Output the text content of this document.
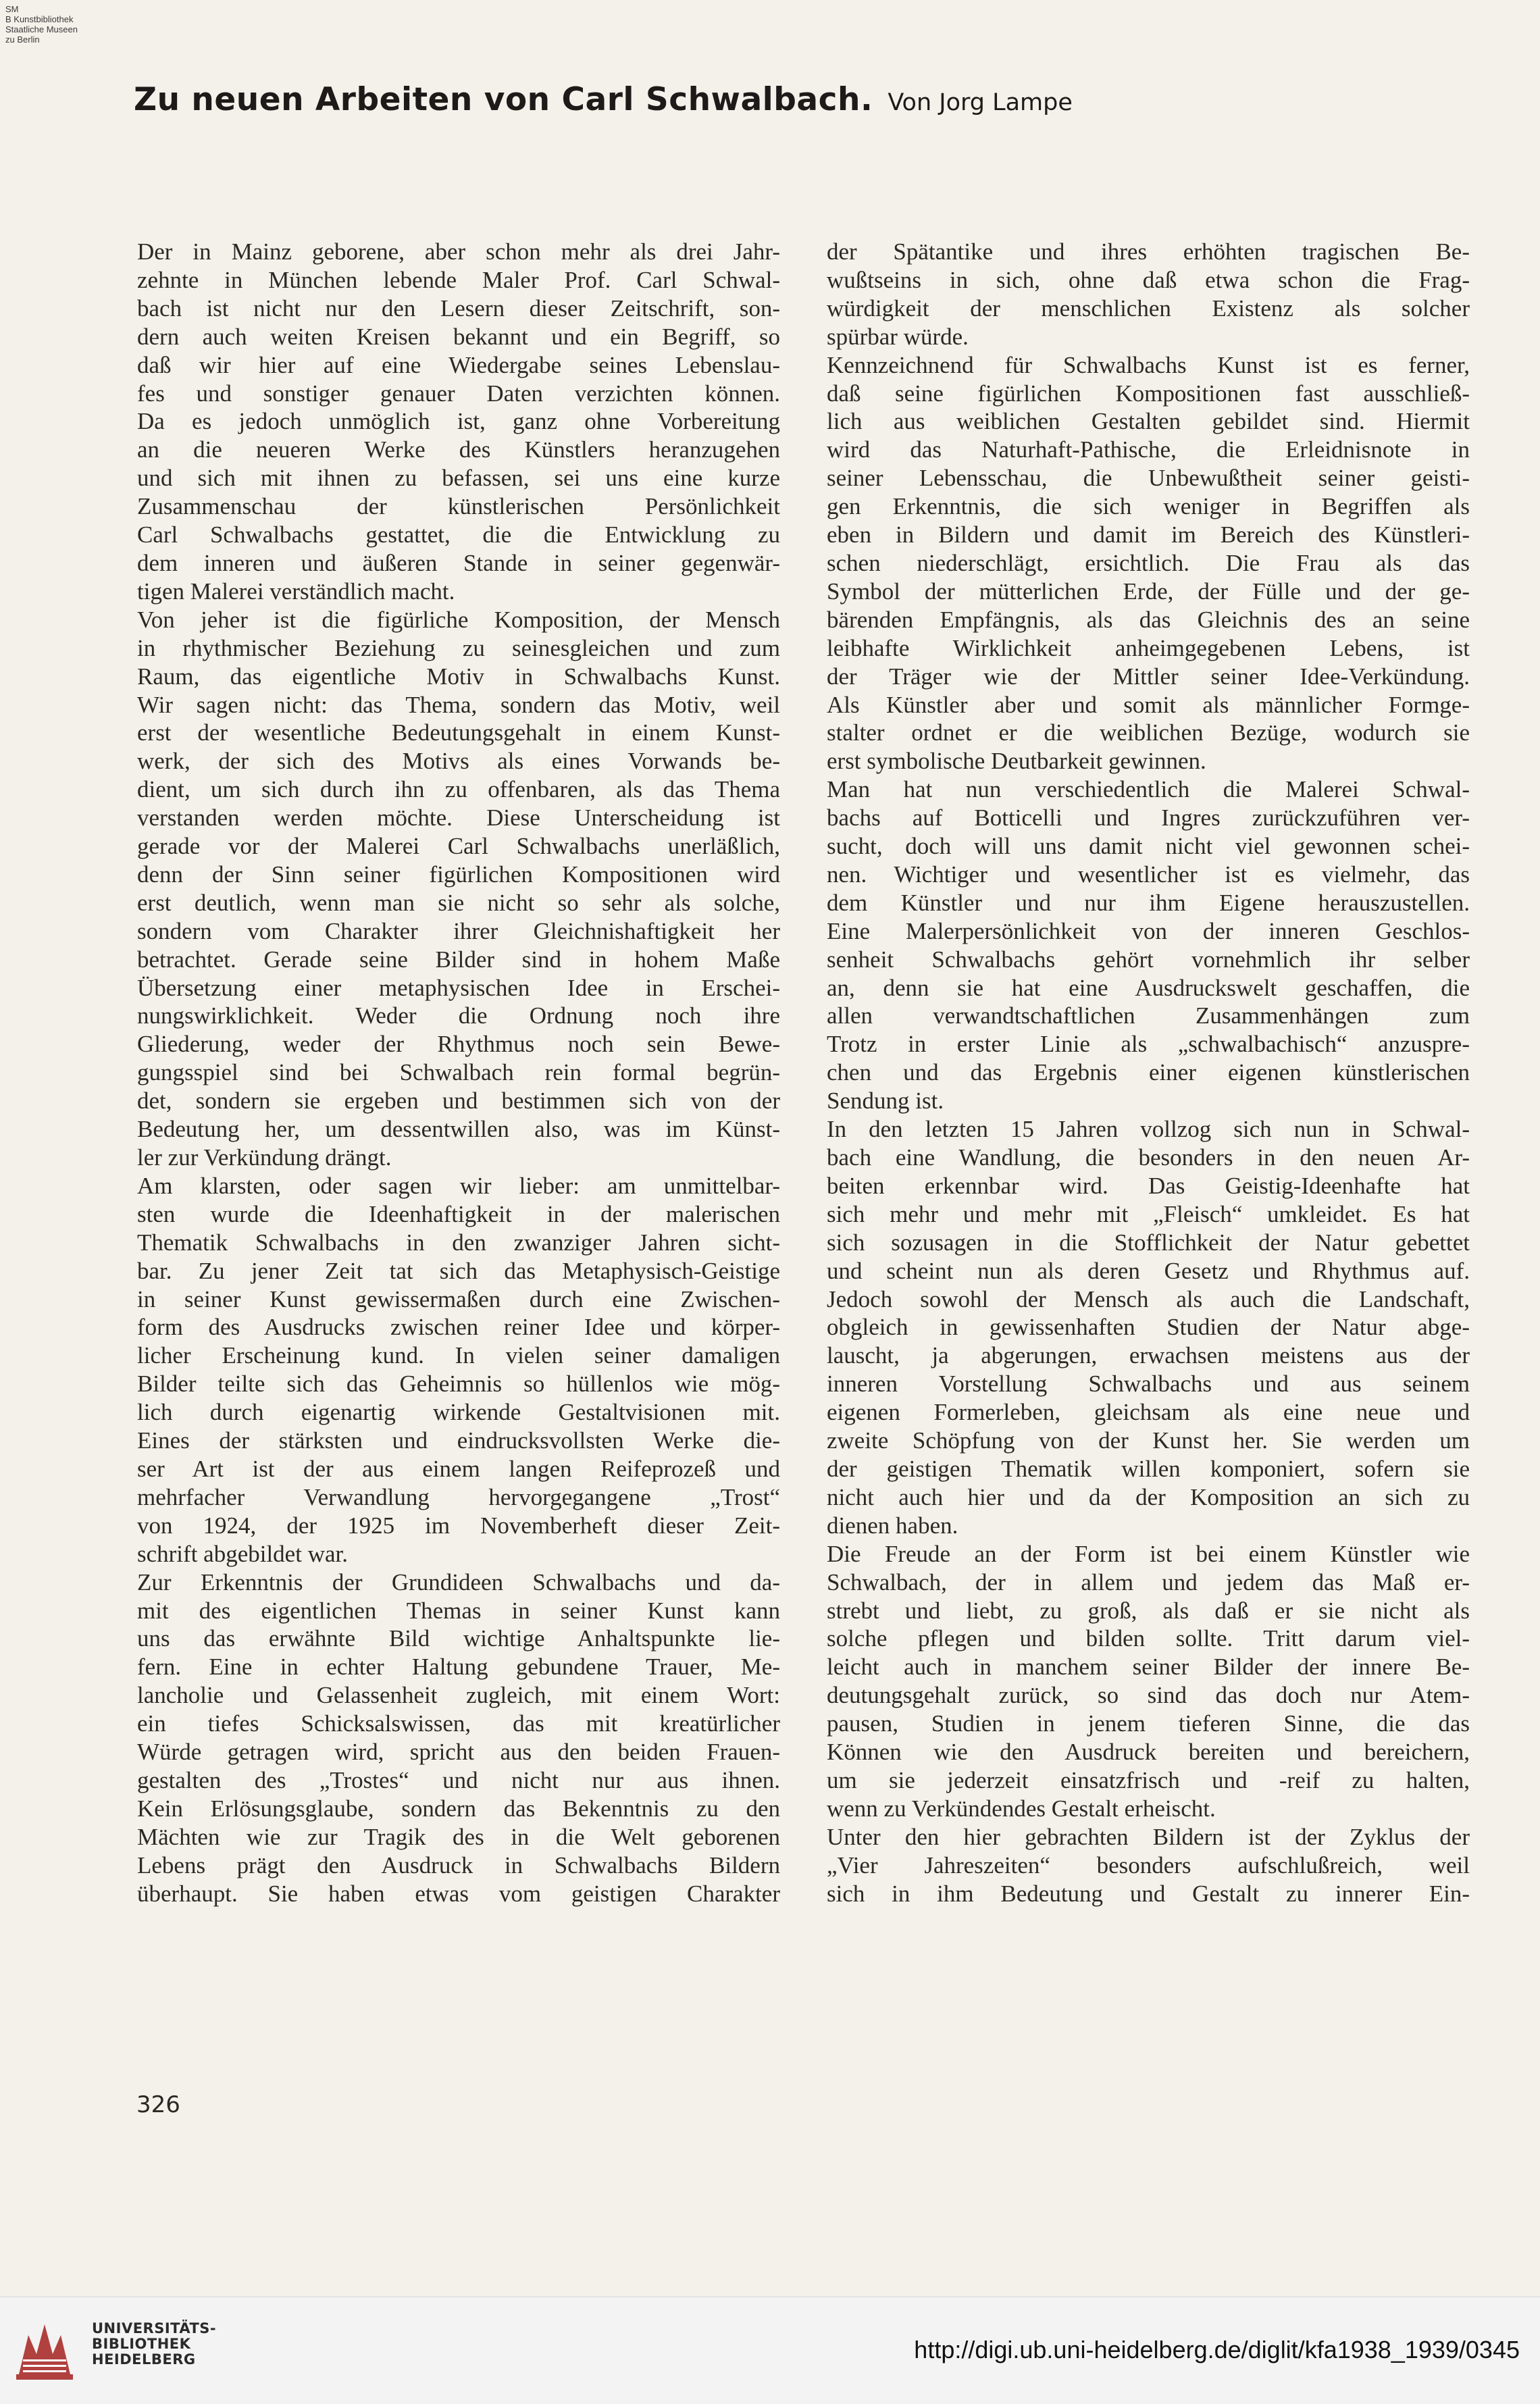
SM
B Kunstbibliothek
Staatliche Museen
zu Berlin
Zu neuen Arbeiten von Carl Schwalbach. Von Jorg Lampe

Der in Mainz geborene, aber schon mehr als drei Jahr-

zehnte in München lebende Maler Prof. Carl Schwal-

bach ist nicht nur den Lesern dieser Zeitschrift, son-

dern auch weiten Kreisen bekannt und ein Begriff, so

daß wir hier auf eine Wiedergabe seines Lebenslau-

fes und sonstiger genauer Daten verzichten können.

Da es jedoch unmöglich ist, ganz ohne Vorbereitung

an die neueren Werke des Künstlers heranzugehen

und sich mit ihnen zu befassen, sei uns eine kurze

Zusammenschau der künstlerischen Persönlichkeit

Carl Schwalbachs gestattet, die die Entwicklung zu

dem inneren und äußeren Stande in seiner gegenwär-

tigen Malerei verständlich macht.

Von jeher ist die figürliche Komposition, der Mensch

in rhythmischer Beziehung zu seinesgleichen und zum

Raum, das eigentliche Motiv in Schwalbachs Kunst.

Wir sagen nicht: das Thema, sondern das Motiv, weil

erst der wesentliche Bedeutungsgehalt in einem Kunst-

werk, der sich des Motivs als eines Vorwands be-

dient, um sich durch ihn zu offenbaren, als das Thema

verstanden werden möchte. Diese Unterscheidung ist

gerade vor der Malerei Carl Schwalbachs unerläßlich,

denn der Sinn seiner figürlichen Kompositionen wird

erst deutlich, wenn man sie nicht so sehr als solche,

sondern vom Charakter ihrer Gleichnishaftigkeit her

betrachtet. Gerade seine Bilder sind in hohem Maße

Übersetzung einer metaphysischen Idee in Erschei-

nungswirklichkeit. Weder die Ordnung noch ihre

Gliederung, weder der Rhythmus noch sein Bewe-

gungsspiel sind bei Schwalbach rein formal begrün-

det, sondern sie ergeben und bestimmen sich von der

Bedeutung her, um dessentwillen also, was im Künst-

ler zur Verkündung drängt.

Am klarsten, oder sagen wir lieber: am unmittelbar-

sten wurde die Ideenhaftigkeit in der malerischen

Thematik Schwalbachs in den zwanziger Jahren sicht-

bar. Zu jener Zeit tat sich das Metaphysisch-Geistige

in seiner Kunst gewissermaßen durch eine Zwischen-

form des Ausdrucks zwischen reiner Idee und körper-

licher Erscheinung kund. In vielen seiner damaligen

Bilder teilte sich das Geheimnis so hüllenlos wie mög-

lich durch eigenartig wirkende Gestaltvisionen mit.

Eines der stärksten und eindrucksvollsten Werke die-

ser Art ist der aus einem langen Reifeprozeß und

mehrfacher Verwandlung hervorgegangene „Trost“

von 1924, der 1925 im Novemberheft dieser Zeit-

schrift abgebildet war.

Zur Erkenntnis der Grundideen Schwalbachs und da-

mit des eigentlichen Themas in seiner Kunst kann

uns das erwähnte Bild wichtige Anhaltspunkte lie-

fern. Eine in echter Haltung gebundene Trauer, Me-

lancholie und Gelassenheit zugleich, mit einem Wort:

ein tiefes Schicksalswissen, das mit kreatürlicher

Würde getragen wird, spricht aus den beiden Frauen-

gestalten des „Trostes“ und nicht nur aus ihnen.

Kein Erlösungsglaube, sondern das Bekenntnis zu den

Mächten wie zur Tragik des in die Welt geborenen

Lebens prägt den Ausdruck in Schwalbachs Bildern

überhaupt. Sie haben etwas vom geistigen Charakter

der Spätantike und ihres erhöhten tragischen Be-

wußtseins in sich, ohne daß etwa schon die Frag-

würdigkeit der menschlichen Existenz als solcher

spürbar würde.

Kennzeichnend für Schwalbachs Kunst ist es ferner,

daß seine figürlichen Kompositionen fast ausschließ-

lich aus weiblichen Gestalten gebildet sind. Hiermit

wird das Naturhaft-Pathische, die Erleidnisnote in

seiner Lebensschau, die Unbewußtheit seiner geisti-

gen Erkenntnis, die sich weniger in Begriffen als

eben in Bildern und damit im Bereich des Künstleri-

schen niederschlägt, ersichtlich. Die Frau als das

Symbol der mütterlichen Erde, der Fülle und der ge-

bärenden Empfängnis, als das Gleichnis des an seine

leibhafte Wirklichkeit anheimgegebenen Lebens, ist

der Träger wie der Mittler seiner Idee-Verkündung.

Als Künstler aber und somit als männlicher Formge-

stalter ordnet er die weiblichen Bezüge, wodurch sie

erst symbolische Deutbarkeit gewinnen.

Man hat nun verschiedentlich die Malerei Schwal-

bachs auf Botticelli und Ingres zurückzuführen ver-

sucht, doch will uns damit nicht viel gewonnen schei-

nen. Wichtiger und wesentlicher ist es vielmehr, das

dem Künstler und nur ihm Eigene herauszustellen.

Eine Malerpersönlichkeit von der inneren Geschlos-

senheit Schwalbachs gehört vornehmlich ihr selber

an, denn sie hat eine Ausdruckswelt geschaffen, die

allen verwandtschaftlichen Zusammenhängen zum

Trotz in erster Linie als „schwalbachisch“ anzuspre-

chen und das Ergebnis einer eigenen künstlerischen

Sendung ist.

In den letzten 15 Jahren vollzog sich nun in Schwal-

bach eine Wandlung, die besonders in den neuen Ar-

beiten erkennbar wird. Das Geistig-Ideenhafte hat

sich mehr und mehr mit „Fleisch“ umkleidet. Es hat

sich sozusagen in die Stofflichkeit der Natur gebettet

und scheint nun als deren Gesetz und Rhythmus auf.

Jedoch sowohl der Mensch als auch die Landschaft,

obgleich in gewissenhaften Studien der Natur abge-

lauscht, ja abgerungen, erwachsen meistens aus der

inneren Vorstellung Schwalbachs und aus seinem

eigenen Formerleben, gleichsam als eine neue und

zweite Schöpfung von der Kunst her. Sie werden um

der geistigen Thematik willen komponiert, sofern sie

nicht auch hier und da der Komposition an sich zu

dienen haben.

Die Freude an der Form ist bei einem Künstler wie

Schwalbach, der in allem und jedem das Maß er-

strebt und liebt, zu groß, als daß er sie nicht als

solche pflegen und bilden sollte. Tritt darum viel-

leicht auch in manchem seiner Bilder der innere Be-

deutungsgehalt zurück, so sind das doch nur Atem-

pausen, Studien in jenem tieferen Sinne, die das

Können wie den Ausdruck bereiten und bereichern,

um sie jederzeit einsatzfrisch und -reif zu halten,

wenn zu Verkündendes Gestalt erheischt.

Unter den hier gebrachten Bildern ist der Zyklus der

„Vier Jahreszeiten“ besonders aufschlußreich, weil

sich in ihm Bedeutung und Gestalt zu innerer Ein-

326
UNIVERSITÄTS-
BIBLIOTHEK
HEIDELBERG	http://digi.ub.uni-heidelberg.de/diglit/kfa1938_1939/0345
